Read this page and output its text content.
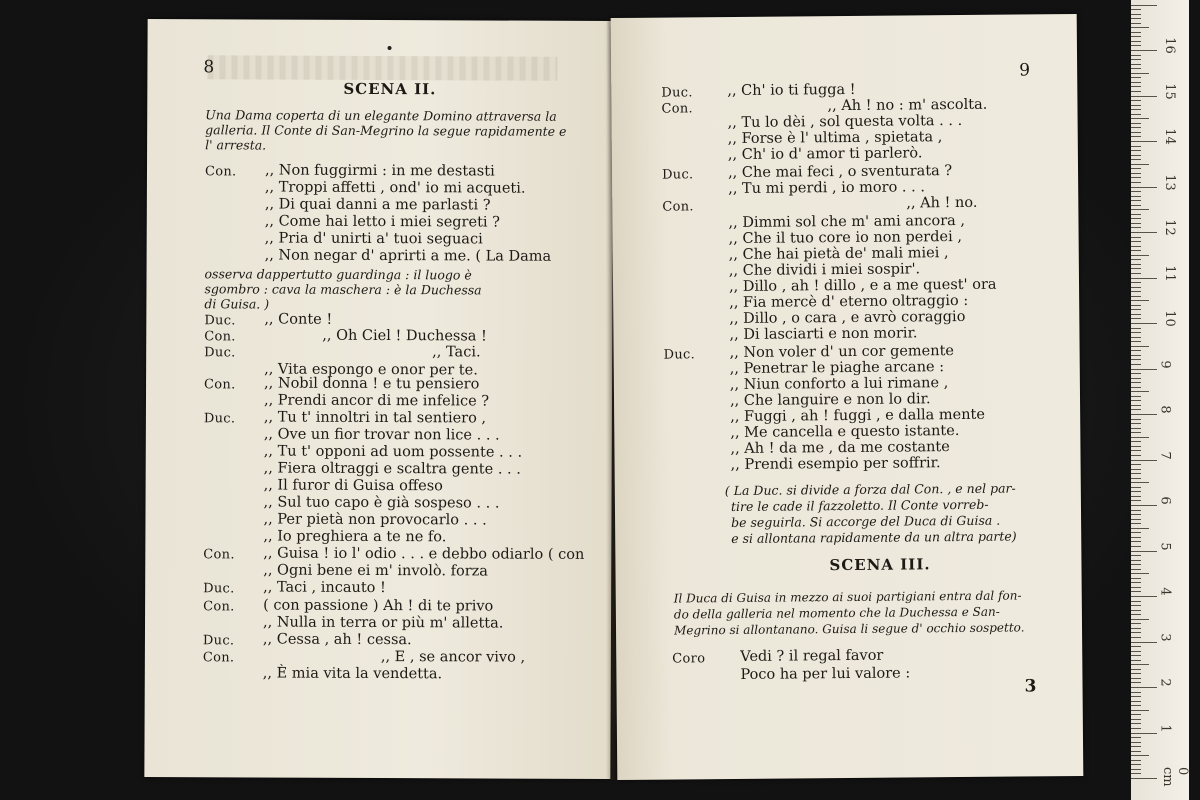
8
SCENA II.
Una Dama coperta di un elegante Domino attraversa la galleria. Il Conte di San-Megrino la segue rapidamente e l' arresta.
Con. ,, Non fuggirmi : in me destasti
,, Troppi affetti , ond' io mi acqueti.
,, Di quai danni a me parlasti ?
,, Come hai letto i miei segreti ?
,, Pria d' unirti a' tuoi seguaci
,, Non negar d' aprirti a me. ( La Dama
osserva dappertutto guardinga : il luogo è
sgombro : cava la maschera : è la Duchessa
di Guisa. )
Duc. ,, Conte !
Con.	,, Oh Ciel ! Duchessa !
Duc.	,, Taci.
,, Vita espongo e onor per te.
Con. ,, Nobil donna ! e tu pensiero
,, Prendi ancor di me infelice ?
Duc. ,, Tu t' innoltri in tal sentiero ,
,, Ove un fior trovar non lice . . .
,, Tu t' opponi ad uom possente . . .
,, Fiera oltraggi e scaltra gente . . .
,, Il furor di Guisa offeso
,, Sul tuo capo è già sospeso . . .
,, Per pietà non provocarlo . . .
,, Io preghiera a te ne fo.
Con. ,, Guisa ! io l' odio . . . e debbo odiarlo ( con
,, Ogni bene ei m' involò. forza
Duc. ,, Taci , incauto !
Con. ( con passione ) Ah ! di te privo
,, Nulla in terra or più m' alletta.
Duc. ,, Cessa , ah ! cessa.
Con.	,, E , se ancor vivo ,
,, È mia vita la vendetta.
9
Duc. ,, Ch' io ti fugga !
Con.	,, Ah ! no : m' ascolta.
,, Tu lo dèi , sol questa volta . . .
,, Forse è l' ultima , spietata ,
,, Ch' io d' amor ti parlerò.
Duc. ,, Che mai feci , o sventurata ?
,, Tu mi perdi , io moro . . .
Con.	,, Ah ! no.
,, Dimmi sol che m' ami ancora ,
,, Che il tuo core io non perdei ,
,, Che hai pietà de' mali miei ,
,, Che dividi i miei sospir'.
,, Dillo , ah ! dillo , e a me quest' ora
,, Fia mercè d' eterno oltraggio :
,, Dillo , o cara , e avrò coraggio
,, Di lasciarti e non morir.
Duc. ,, Non voler d' un cor gemente
,, Penetrar le piaghe arcane :
,, Niun conforto a lui rimane ,
,, Che languire e non lo dir.
,, Fuggi , ah ! fuggi , e dalla mente
,, Me cancella e questo istante.
,, Ah ! da me , da me costante
,, Prendi esempio per soffrir.
( La Duc. si divide a forza dal Con. , e nel par-
tire le cade il fazzoletto. Il Conte vorreb-
be seguirla. Si accorge del Duca di Guisa .
e si allontana rapidamente da un altra parte)
SCENA III.
Il Duca di Guisa in mezzo ai suoi partigiani entra dal fon-
do della galleria nel momento che la Duchessa e San-
Megrino si allontanano. Guisa li segue d' occhio sospetto.
Coro Vedi ? il regal favor
Poco ha per lui valore :
3
0 cm
1
2
3
4
5
6
7
8
9
10
11
12
13
14
15
16
